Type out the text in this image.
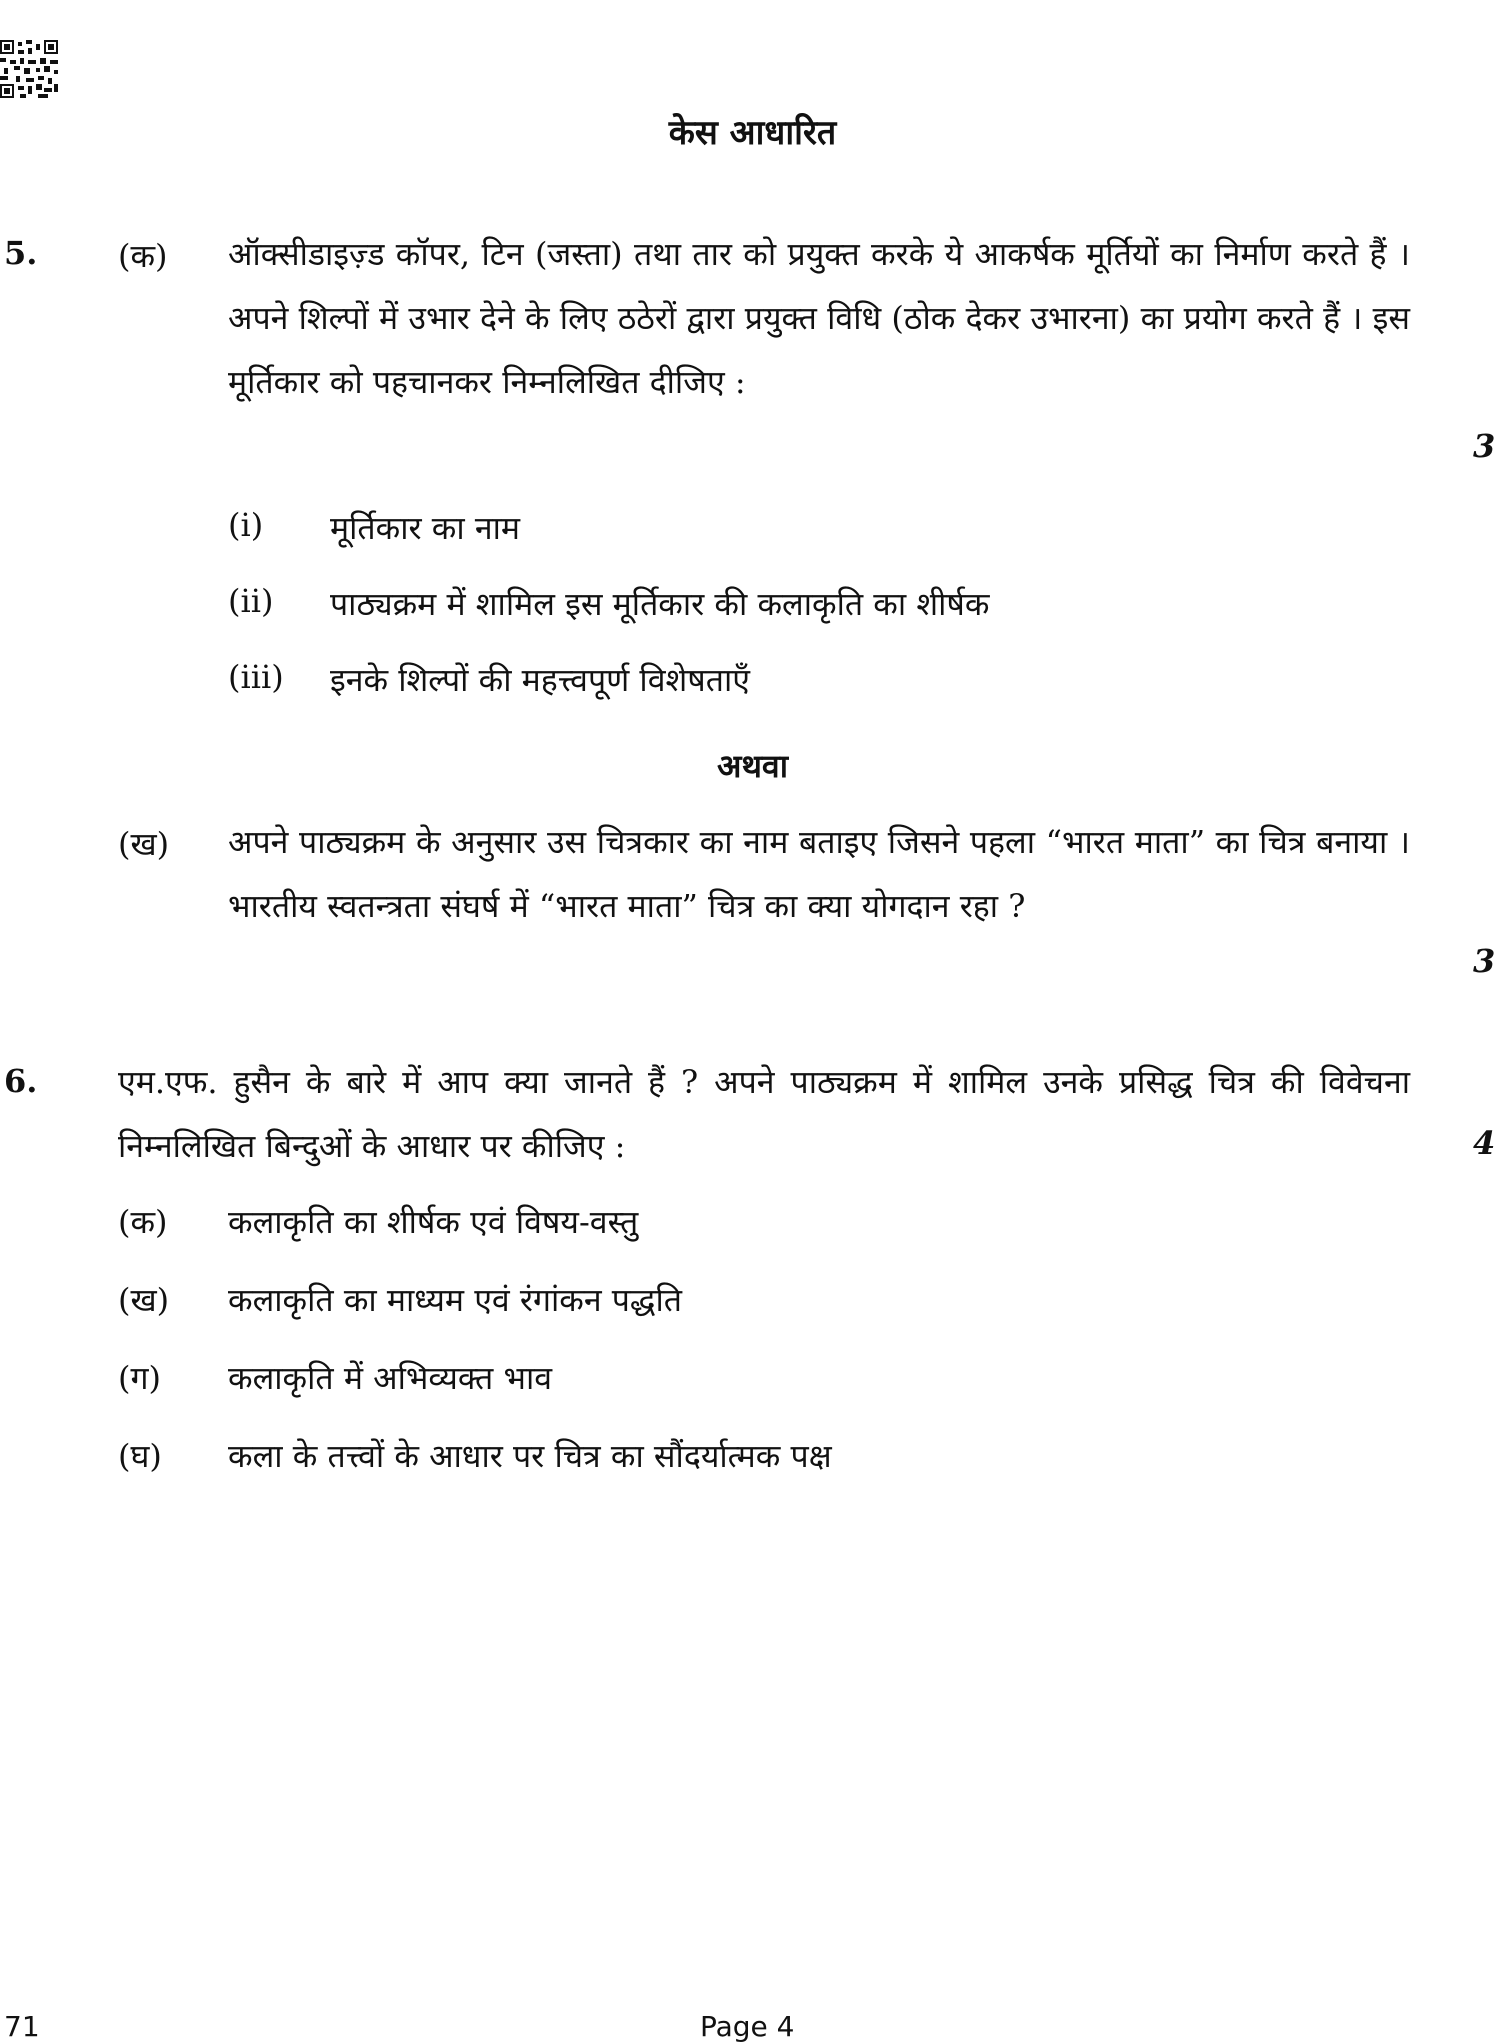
केस आधारित
5.	(क) ऑक्सीडाइज़्ड कॉपर, टिन (जस्ता) तथा तार को प्रयुक्त करके ये आकर्षक मूर्तियों का निर्माण करते हैं । अपने शिल्पों में उभार देने के लिए ठठेरों द्वारा प्रयुक्त विधि (ठोक देकर उभारना) का प्रयोग करते हैं । इस मूर्तिकार को पहचानकर निम्नलिखित दीजिए :
3
(i) मूर्तिकार का नाम
(ii) पाठ्यक्रम में शामिल इस मूर्तिकार की कलाकृति का शीर्षक
(iii) इनके शिल्पों की महत्त्वपूर्ण विशेषताएँ
अथवा
(ख) अपने पाठ्यक्रम के अनुसार उस चित्रकार का नाम बताइए जिसने पहला “भारत माता” का चित्र बनाया । भारतीय स्वतन्त्रता संघर्ष में “भारत माता” चित्र का क्या योगदान रहा ?
3
6.	एम.एफ. हुसैन के बारे में आप क्या जानते हैं ? अपने पाठ्यक्रम में शामिल उनके प्रसिद्ध चित्र की विवेचना निम्नलिखित बिन्दुओं के आधार पर कीजिए :	4
(क) कलाकृति का शीर्षक एवं विषय-वस्तु
(ख) कलाकृति का माध्यम एवं रंगांकन पद्धति
(ग) कलाकृति में अभिव्यक्त भाव
(घ) कला के तत्त्वों के आधार पर चित्र का सौंदर्यात्मक पक्ष
71	Page 4
